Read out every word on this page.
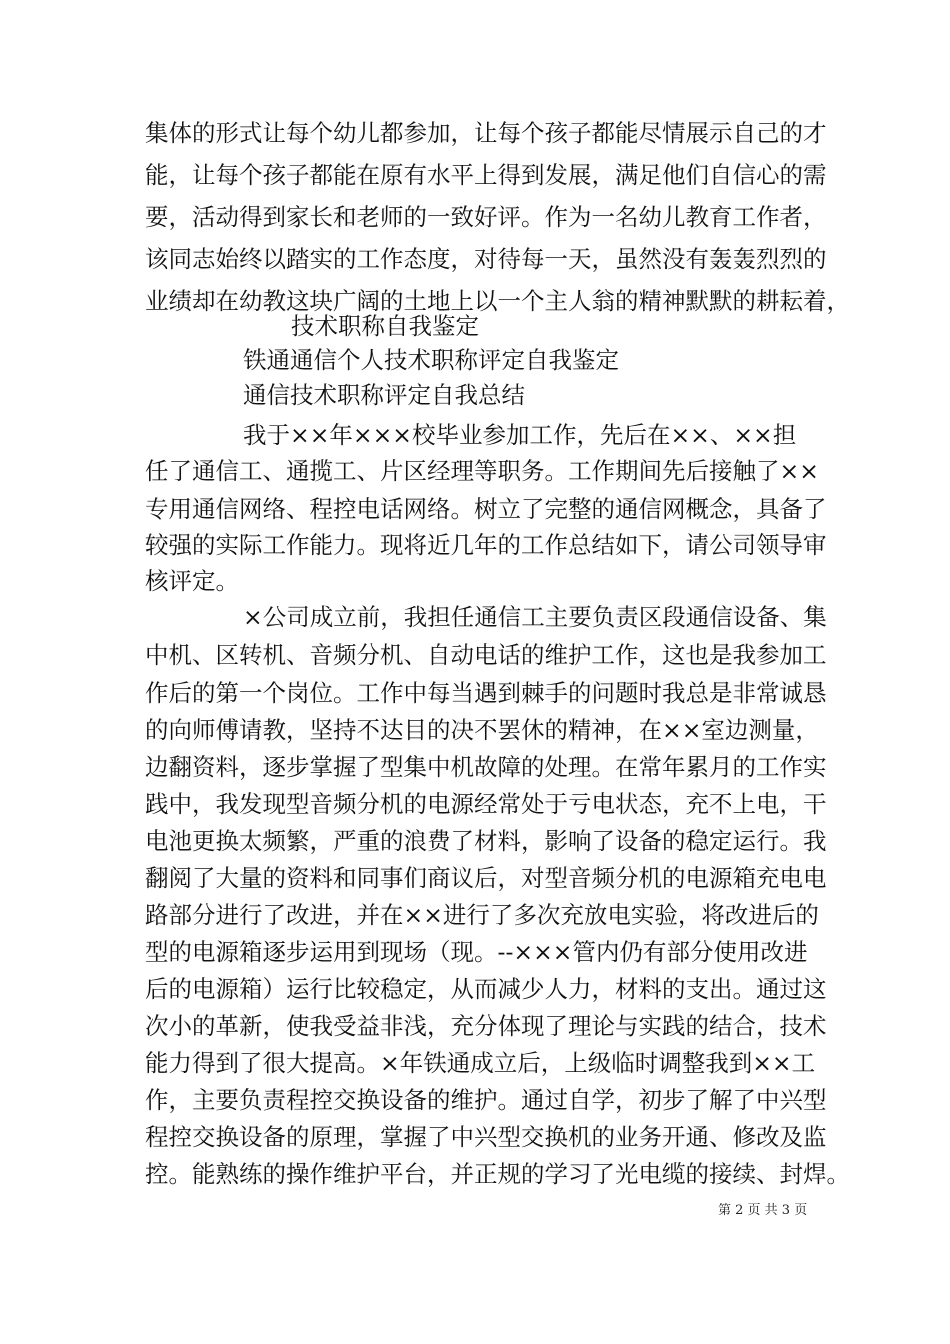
集体的形式让每个幼儿都参加，让每个孩子都能尽情展示自己的才
能，让每个孩子都能在原有水平上得到发展，满足他们自信心的需
要，活动得到家长和老师的一致好评。作为一名幼儿教育工作者，
该同志始终以踏实的工作态度，对待每一天，虽然没有轰轰烈烈的
业绩却在幼教这块广阔的土地上以一个主人翁的精神默默的耕耘着，
技术职称自我鉴定
铁通通信个人技术职称评定自我鉴定
通信技术职称评定自我总结
我于××年×××校毕业参加工作，先后在××、××担
任了通信工、通揽工、片区经理等职务。工作期间先后接触了××
专用通信网络、程控电话网络。树立了完整的通信网概念，具备了
较强的实际工作能力。现将近几年的工作总结如下，请公司领导审
核评定。
×公司成立前，我担任通信工主要负责区段通信设备、集
中机、区转机、音频分机、自动电话的维护工作，这也是我参加工
作后的第一个岗位。工作中每当遇到棘手的问题时我总是非常诚恳
的向师傅请教，坚持不达目的决不罢休的精神，在××室边测量，
边翻资料，逐步掌握了型集中机故障的处理。在常年累月的工作实
践中，我发现型音频分机的电源经常处于亏电状态，充不上电，干
电池更换太频繁，严重的浪费了材料，影响了设备的稳定运行。我
翻阅了大量的资料和同事们商议后，对型音频分机的电源箱充电电
路部分进行了改进，并在××进行了多次充放电实验，将改进后的
型的电源箱逐步运用到现场（现。--×××管内仍有部分使用改进
后的电源箱）运行比较稳定，从而减少人力，材料的支出。通过这
次小的革新，使我受益非浅，充分体现了理论与实践的结合，技术
能力得到了很大提高。×年铁通成立后，上级临时调整我到××工
作，主要负责程控交换设备的维护。通过自学，初步了解了中兴型
程控交换设备的原理，掌握了中兴型交换机的业务开通、修改及监
控。能熟练的操作维护平台，并正规的学习了光电缆的接续、封焊。
第 2 页 共 3 页
